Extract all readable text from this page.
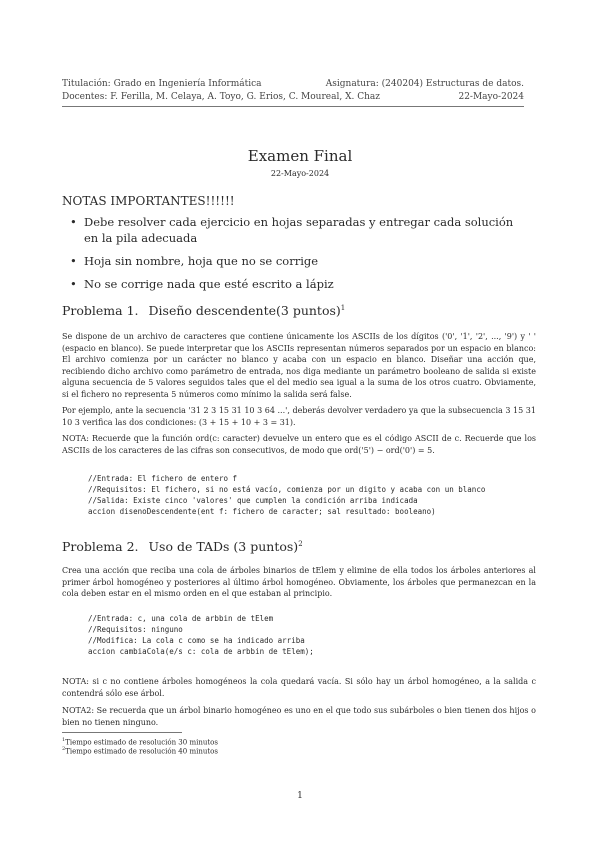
Titulación: Grado en Ingeniería Informática	Asignatura: (240204) Estructuras de datos.
Docentes: F. Ferilla, M. Celaya, A. Toyo, G. Erios, C. Moureal, X. Chaz	22-Mayo-2024
Examen Final
22-Mayo-2024
NOTAS IMPORTANTES!!!!!!
• Debe resolver cada ejercicio en hojas separadas y entregar cada solución en la pila adecuada
• Hoja sin nombre, hoja que no se corrige
• No se corrige nada que esté escrito a lápiz
Problema 1. Diseño descendente(3 puntos)$^1$
Se dispone de un archivo de caracteres que contiene únicamente los ASCIIs de los dígitos ('0', '1', '2', ..., '9') y ' ' (espacio en blanco). Se puede interpretar que los ASCIIs representan números separados por un espacio en blanco: El archivo comienza por un carácter no blanco y acaba con un espacio en blanco. Diseñar una acción que, recibiendo dicho archivo como parámetro de entrada, nos diga mediante un parámetro booleano de salida si existe alguna secuencia de 5 valores seguidos tales que el del medio sea igual a la suma de los otros cuatro. Obviamente, si el fichero no representa 5 números como mínimo la salida será false.
Por ejemplo, ante la secuencia '31 2 3 15 31 10 3 64 ...', deberás devolver verdadero ya que la subsecuencia 3 15 31 10 3 verifica las dos condiciones: (3 + 15 + 10 + 3 = 31).
NOTA: Recuerde que la función ord(c: caracter) devuelve un entero que es el código ASCII de c. Recuerde que los ASCIIs de los caracteres de las cifras son consecutivos, de modo que ord('5') − ord('0') = 5.
//Entrada: El fichero de entero f
//Requisitos: El fichero, si no está vacío, comienza por un digito y acaba con un blanco
//Salida: Existe cinco 'valores' que cumplen la condición arriba indicada
accion disenoDescendente(ent f: fichero de caracter; sal resultado: booleano)
Problema 2. Uso de TADs (3 puntos)$^2$
Crea una acción que reciba una cola de árboles binarios de tElem y elimine de ella todos los árboles anteriores al primer árbol homogéneo y posteriores al último árbol homogéneo. Obviamente, los árboles que permanezcan en la cola deben estar en el mismo orden en el que estaban al principio.
//Entrada: c, una cola de arbbin de tElem
//Requisitos: ninguno
//Modifica: La cola c como se ha indicado arriba
accion cambiaCola(e/s c: cola de arbbin de tElem);
NOTA: si c no contiene árboles homogéneos la cola quedará vacía. Si sólo hay un árbol homogéneo, a la salida c contendrá sólo ese árbol.
NOTA2: Se recuerda que un árbol binario homogéneo es uno en el que todo sus subárboles o bien tienen dos hijos o bien no tienen ninguno.
$^1$Tiempo estimado de resolución 30 minutos
$^2$Tiempo estimado de resolución 40 minutos
1
